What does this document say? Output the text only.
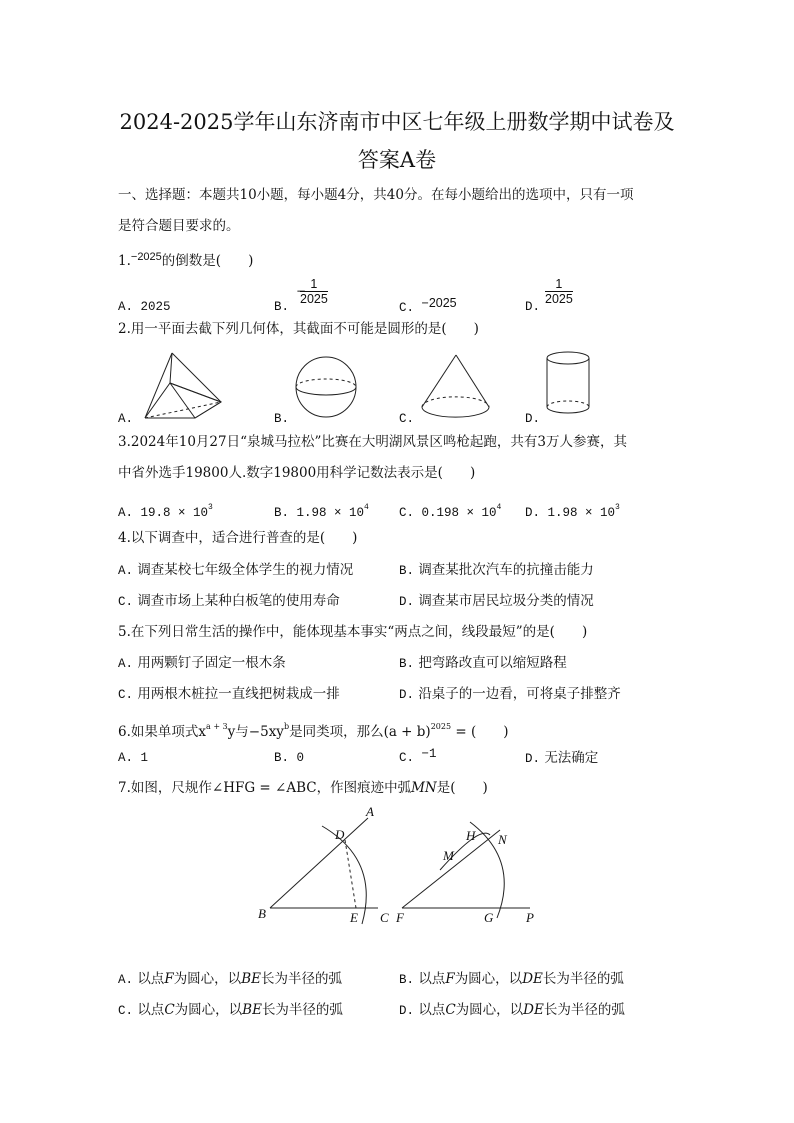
2024-2025学年山东济南市中区七年级上册数学期中试卷及
答案A卷
一、选择题：本题共10小题，每小题4分，共40分。在每小题给出的选项中，只有一项
是符合题目要求的。
1.$^{-2025}$的倒数是(　　)
A. 2025	B.
−
$\frac{1}{2025}$
C. −2025	D.
$\frac{1}{2025}$
2.用一平面去截下列几何体，其截面不可能是圆形的是(　　)
A.	B.	C.	D.
3.2024年10月27日“泉城马拉松”比赛在大明湖风景区鸣枪起跑，共有3万人参赛，其
中省外选手19800人.数字19800用科学记数法表示是(　　)
A. $19.8 \times 10^3$	B. $1.98 \times 10^4$ C. $0.198 \times 10^4$ D. $1.98 \times 10^3$
4.以下调查中，适合进行普查的是(　　)
A. 调查某校七年级全体学生的视力情况	B. 调查某批次汽车的抗撞击能力
C. 调查市场上某种白板笔的使用寿命	D. 调查某市居民垃圾分类的情况
5.在下列日常生活的操作中，能体现基本事实“两点之间，线段最短”的是(　　)
A. 用两颗钉子固定一根木条	B. 把弯路改直可以缩短路程
C. 用两根木桩拉一直线把树栽成一排	D. 沿桌子的一边看，可将桌子排整齐
6.如果单项式$x^{a + 3}y$与$-5xy^b$是同类项，那么$(a + b)^{2025}$ = (　　)
A. 1	B. 0	C. −1	D. 无法确定
7.如图，尺规作∠HFG = ∠ABC，作图痕迹中弧MN是(　　)
A
D
B	E C
H N
M
F	G	P
A. 以点F为圆心，以BE长为半径的弧	B. 以点F为圆心，以DE长为半径的弧
C. 以点C为圆心，以BE长为半径的弧	D. 以点C为圆心，以DE长为半径的弧
